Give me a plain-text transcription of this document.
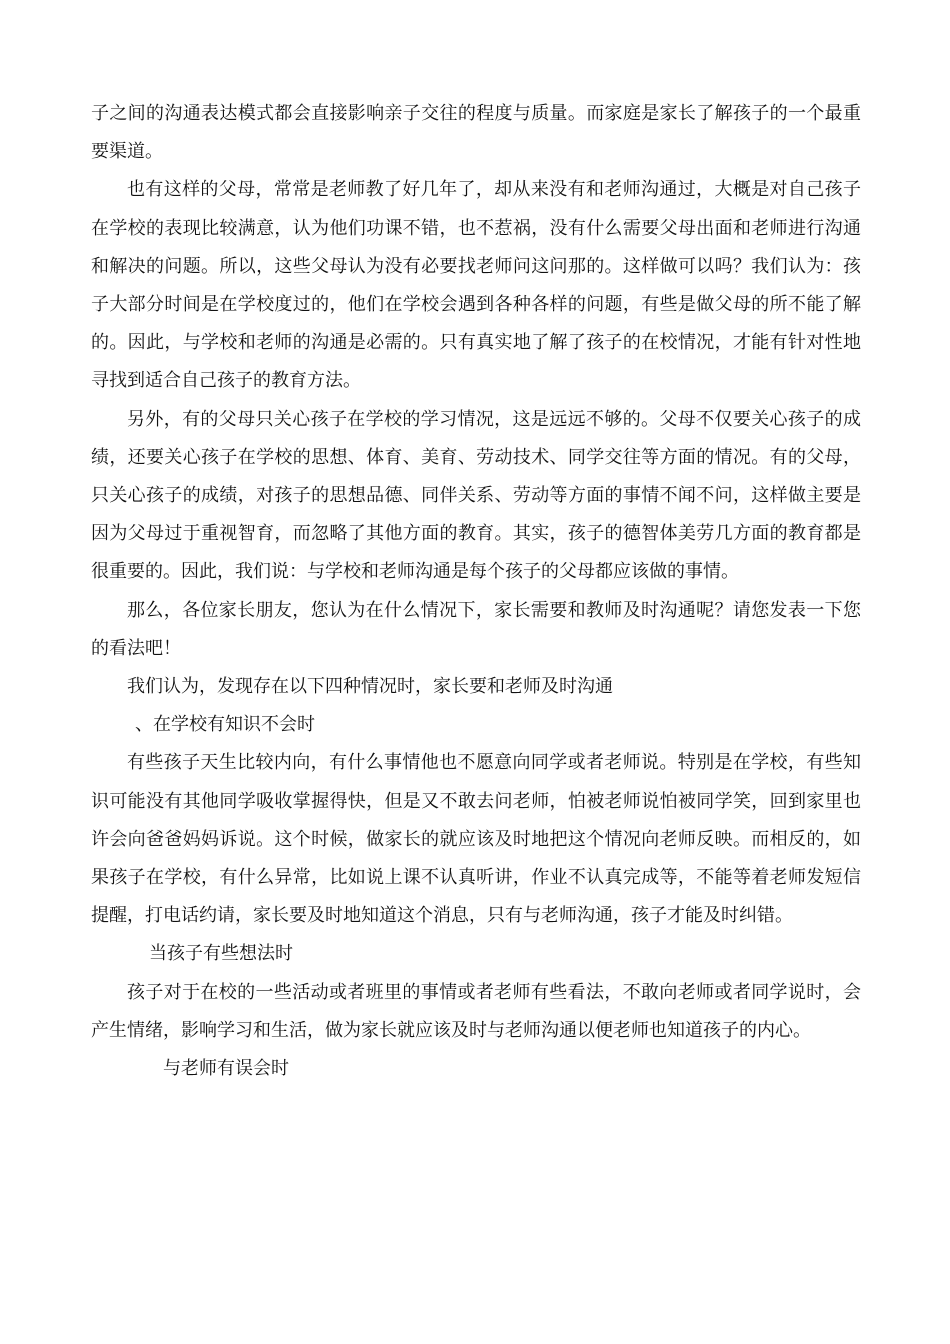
子之间的沟通表达模式都会直接影响亲子交往的程度与质量。而家庭是家长了解孩子的一个最重要渠道。

也有这样的父母，常常是老师教了好几年了，却从来没有和老师沟通过，大概是对自己孩子在学校的表现比较满意，认为他们功课不错，也不惹祸，没有什么需要父母出面和老师进行沟通和解决的问题。所以，这些父母认为没有必要找老师问这问那的。这样做可以吗？我们认为：孩子大部分时间是在学校度过的，他们在学校会遇到各种各样的问题，有些是做父母的所不能了解的。因此，与学校和老师的沟通是必需的。只有真实地了解了孩子的在校情况，才能有针对性地寻找到适合自己孩子的教育方法。

另外，有的父母只关心孩子在学校的学习情况，这是远远不够的。父母不仅要关心孩子的成绩，还要关心孩子在学校的思想、体育、美育、劳动技术、同学交往等方面的情况。有的父母，只关心孩子的成绩，对孩子的思想品德、同伴关系、劳动等方面的事情不闻不问，这样做主要是因为父母过于重视智育，而忽略了其他方面的教育。其实，孩子的德智体美劳几方面的教育都是很重要的。因此，我们说：与学校和老师沟通是每个孩子的父母都应该做的事情。

那么，各位家长朋友，您认为在什么情况下，家长需要和教师及时沟通呢？请您发表一下您的看法吧！

我们认为，发现存在以下四种情况时，家长要和老师及时沟通

、在学校有知识不会时

有些孩子天生比较内向，有什么事情他也不愿意向同学或者老师说。特别是在学校，有些知识可能没有其他同学吸收掌握得快，但是又不敢去问老师，怕被老师说怕被同学笑，回到家里也许会向爸爸妈妈诉说。这个时候，做家长的就应该及时地把这个情况向老师反映。而相反的，如果孩子在学校，有什么异常，比如说上课不认真听讲，作业不认真完成等，不能等着老师发短信提醒，打电话约请，家长要及时地知道这个消息，只有与老师沟通，孩子才能及时纠错。

当孩子有些想法时

孩子对于在校的一些活动或者班里的事情或者老师有些看法，不敢向老师或者同学说时，会产生情绪，影响学习和生活，做为家长就应该及时与老师沟通以便老师也知道孩子的内心。

与老师有误会时
